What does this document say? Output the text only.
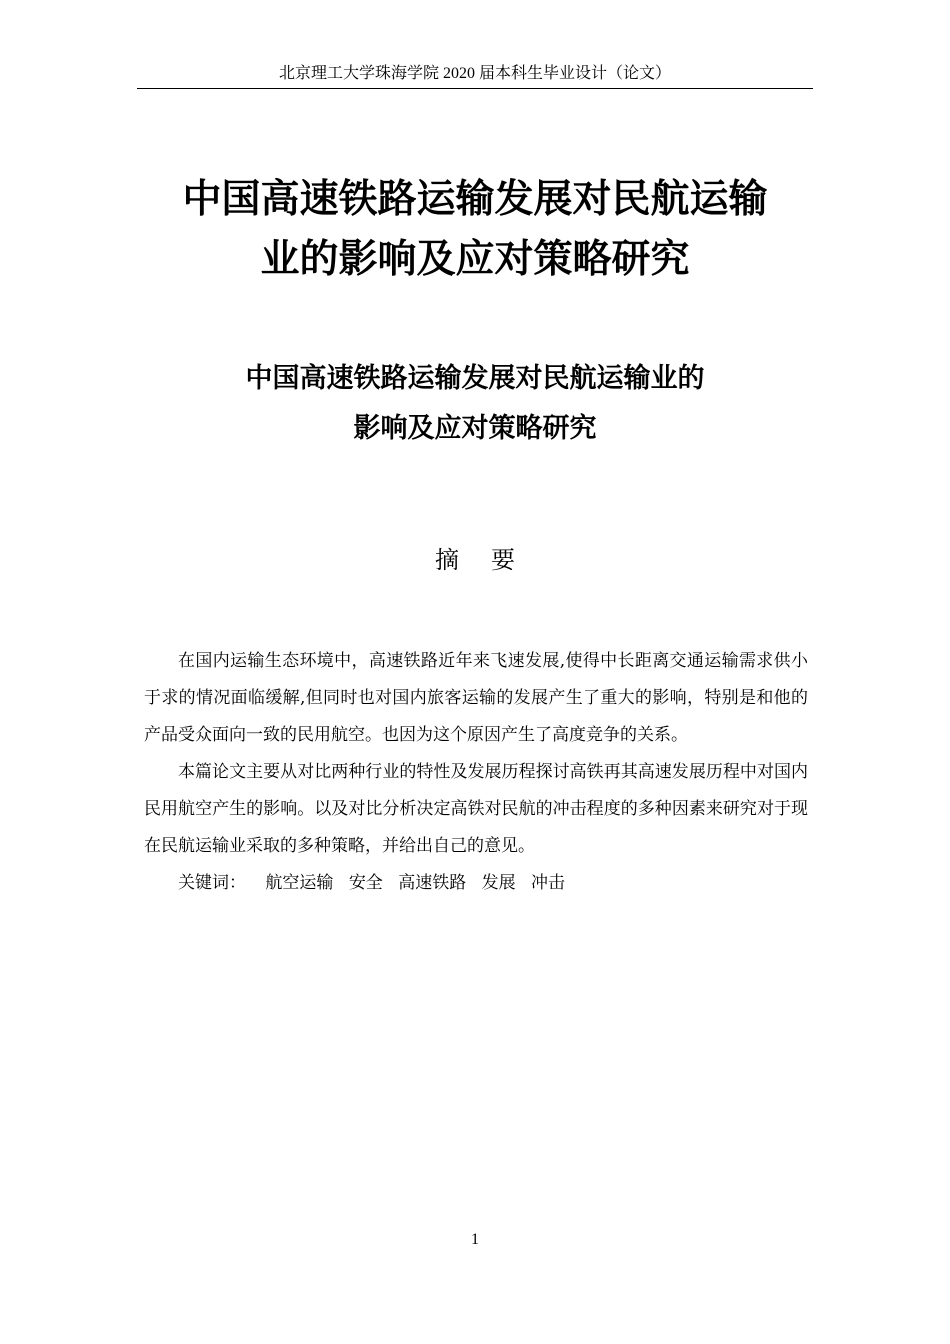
北京理工大学珠海学院 2020 届本科生毕业设计（论文）
中国高速铁路运输发展对民航运输
业的影响及应对策略研究
中国高速铁路运输发展对民航运输业的
影响及应对策略研究
摘要

在国内运输生态环境中，高速铁路近年来飞速发展,使得中长距离交通运输需求供小于求的情况面临缓解,但同时也对国内旅客运输的发展产生了重大的影响，特别是和他的产品受众面向一致的民用航空。也因为这个原因产生了高度竞争的关系。

本篇论文主要从对比两种行业的特性及发展历程探讨高铁再其高速发展历程中对国内民用航空产生的影响。以及对比分析决定高铁对民航的冲击程度的多种因素来研究对于现在民航运输业采取的多种策略，并给出自己的意见。

关键词： 航空运输 安全 高速铁路 发展 冲击

1
